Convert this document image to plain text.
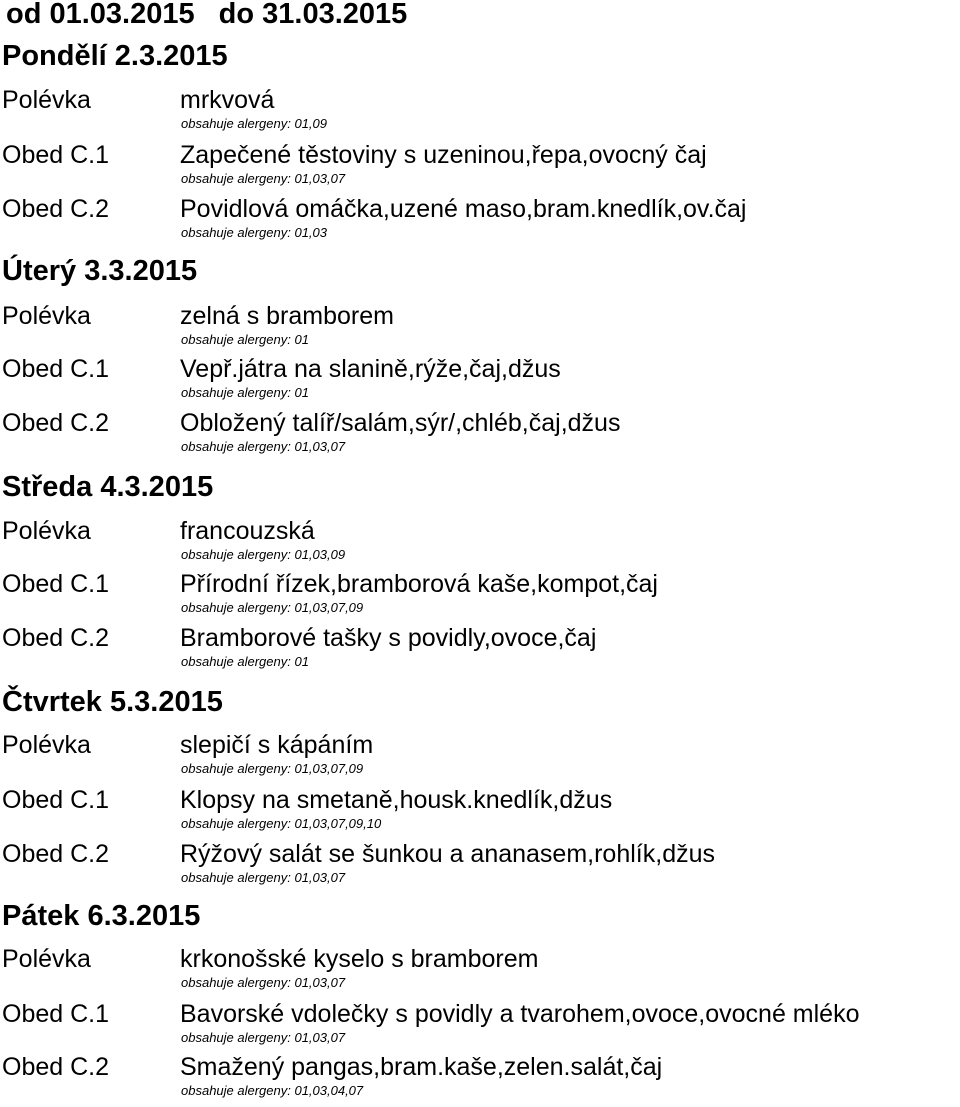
od 01.03.2015 do 31.03.2015
Pondělí 2.3.2015
Polévka	mrkvová
obsahuje alergeny: 01,09
Obed C.1	Zapečené těstoviny s uzeninou,řepa,ovocný čaj
obsahuje alergeny: 01,03,07
Obed C.2	Povidlová omáčka,uzené maso,bram.knedlík,ov.čaj
obsahuje alergeny: 01,03
Úterý 3.3.2015
Polévka	zelná s bramborem
obsahuje alergeny: 01
Obed C.1	Vepř.játra na slanině,rýže,čaj,džus
obsahuje alergeny: 01
Obed C.2	Obložený talíř/salám,sýr/,chléb,čaj,džus
obsahuje alergeny: 01,03,07
Středa 4.3.2015
Polévka	francouzská
obsahuje alergeny: 01,03,09
Obed C.1	Přírodní řízek,bramborová kaše,kompot,čaj
obsahuje alergeny: 01,03,07,09
Obed C.2	Bramborové tašky s povidly,ovoce,čaj
obsahuje alergeny: 01
Čtvrtek 5.3.2015
Polévka	slepičí s kápáním
obsahuje alergeny: 01,03,07,09
Obed C.1	Klopsy na smetaně,housk.knedlík,džus
obsahuje alergeny: 01,03,07,09,10
Obed C.2	Rýžový salát se šunkou a ananasem,rohlík,džus
obsahuje alergeny: 01,03,07
Pátek 6.3.2015
Polévka	krkonošské kyselo s bramborem
obsahuje alergeny: 01,03,07
Obed C.1	Bavorské vdolečky s povidly a tvarohem,ovoce,ovocné mléko
obsahuje alergeny: 01,03,07
Obed C.2	Smažený pangas,bram.kaše,zelen.salát,čaj
obsahuje alergeny: 01,03,04,07
